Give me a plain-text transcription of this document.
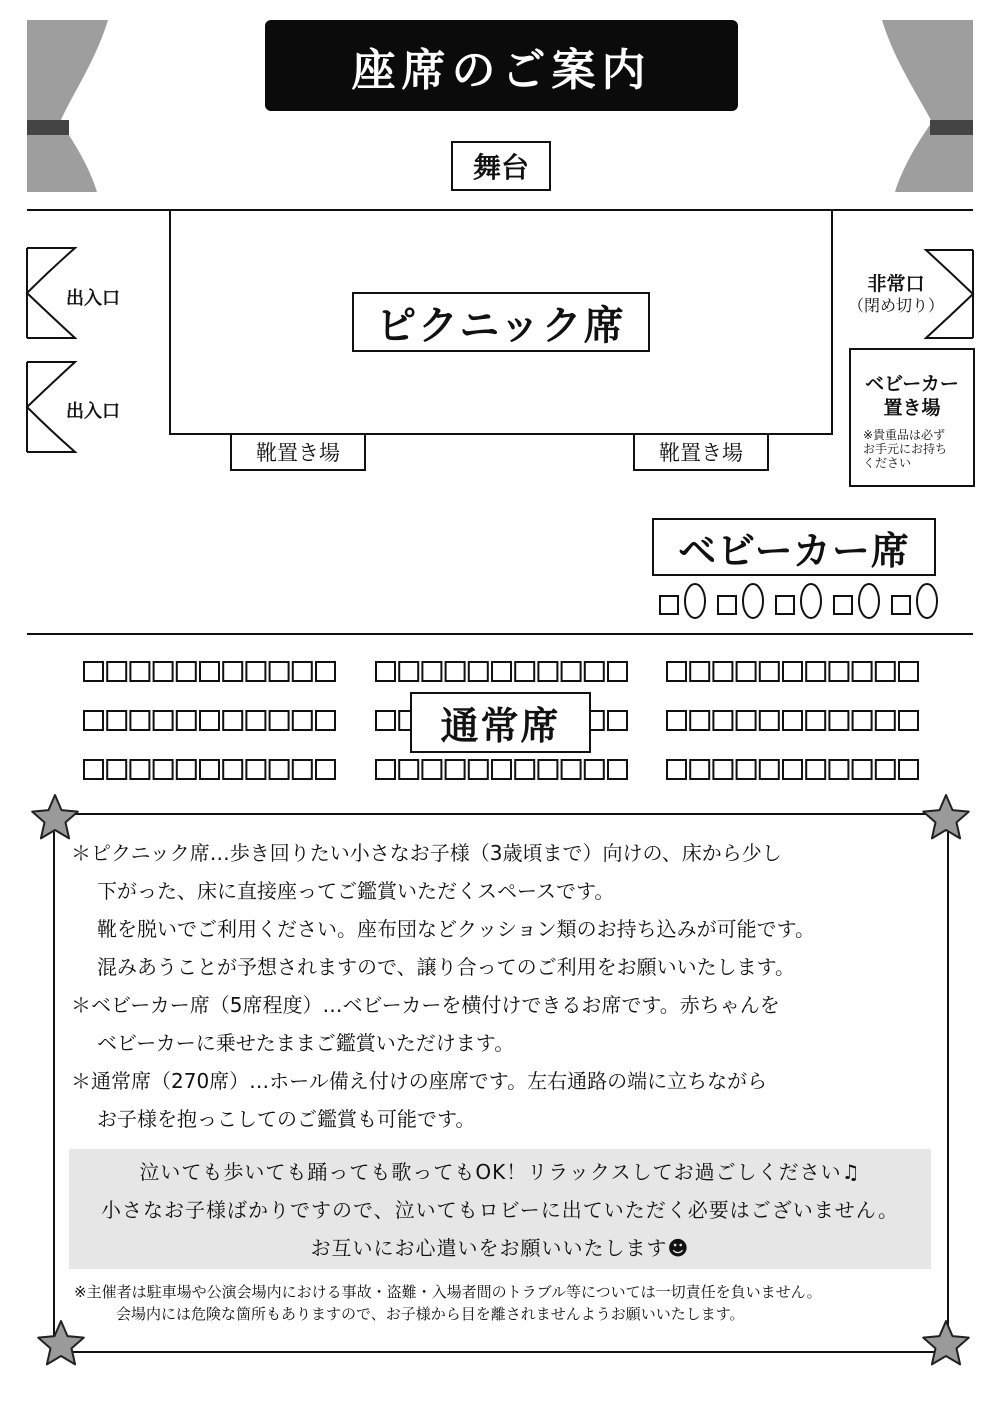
座席のご案内
舞台
ピクニック席
靴置き場	靴置き場
出入口
出入口
非常口
（閉め切り）
ベビーカー
置き場
※貴重品は必ず
お手元にお持ち
ください
ベビーカー席
通常席

＊ピクニック席…歩き回りたい小さなお子様（3歳頃まで）向けの、床から少し

下がった、床に直接座ってご鑑賞いただくスペースです。

靴を脱いでご利用ください。座布団などクッション類のお持ち込みが可能です。

混みあうことが予想されますので、譲り合ってのご利用をお願いいたします。

＊ベビーカー席（5席程度）…ベビーカーを横付けできるお席です。赤ちゃんを

ベビーカーに乗せたままご鑑賞いただけます。

＊通常席（270席）…ホール備え付けの座席です。左右通路の端に立ちながら

お子様を抱っこしてのご鑑賞も可能です。

泣いても歩いても踊っても歌ってもOK！リラックスしてお過ごしください♫

小さなお子様ばかりですので、泣いてもロビーに出ていただく必要はございません。

お互いにお心遣いをお願いいたします☻

※主催者は駐車場や公演会場内における事故・盗難・入場者間のトラブル等については一切責任を負いません。

会場内には危険な箇所もありますので、お子様から目を離されませんようお願いいたします。
